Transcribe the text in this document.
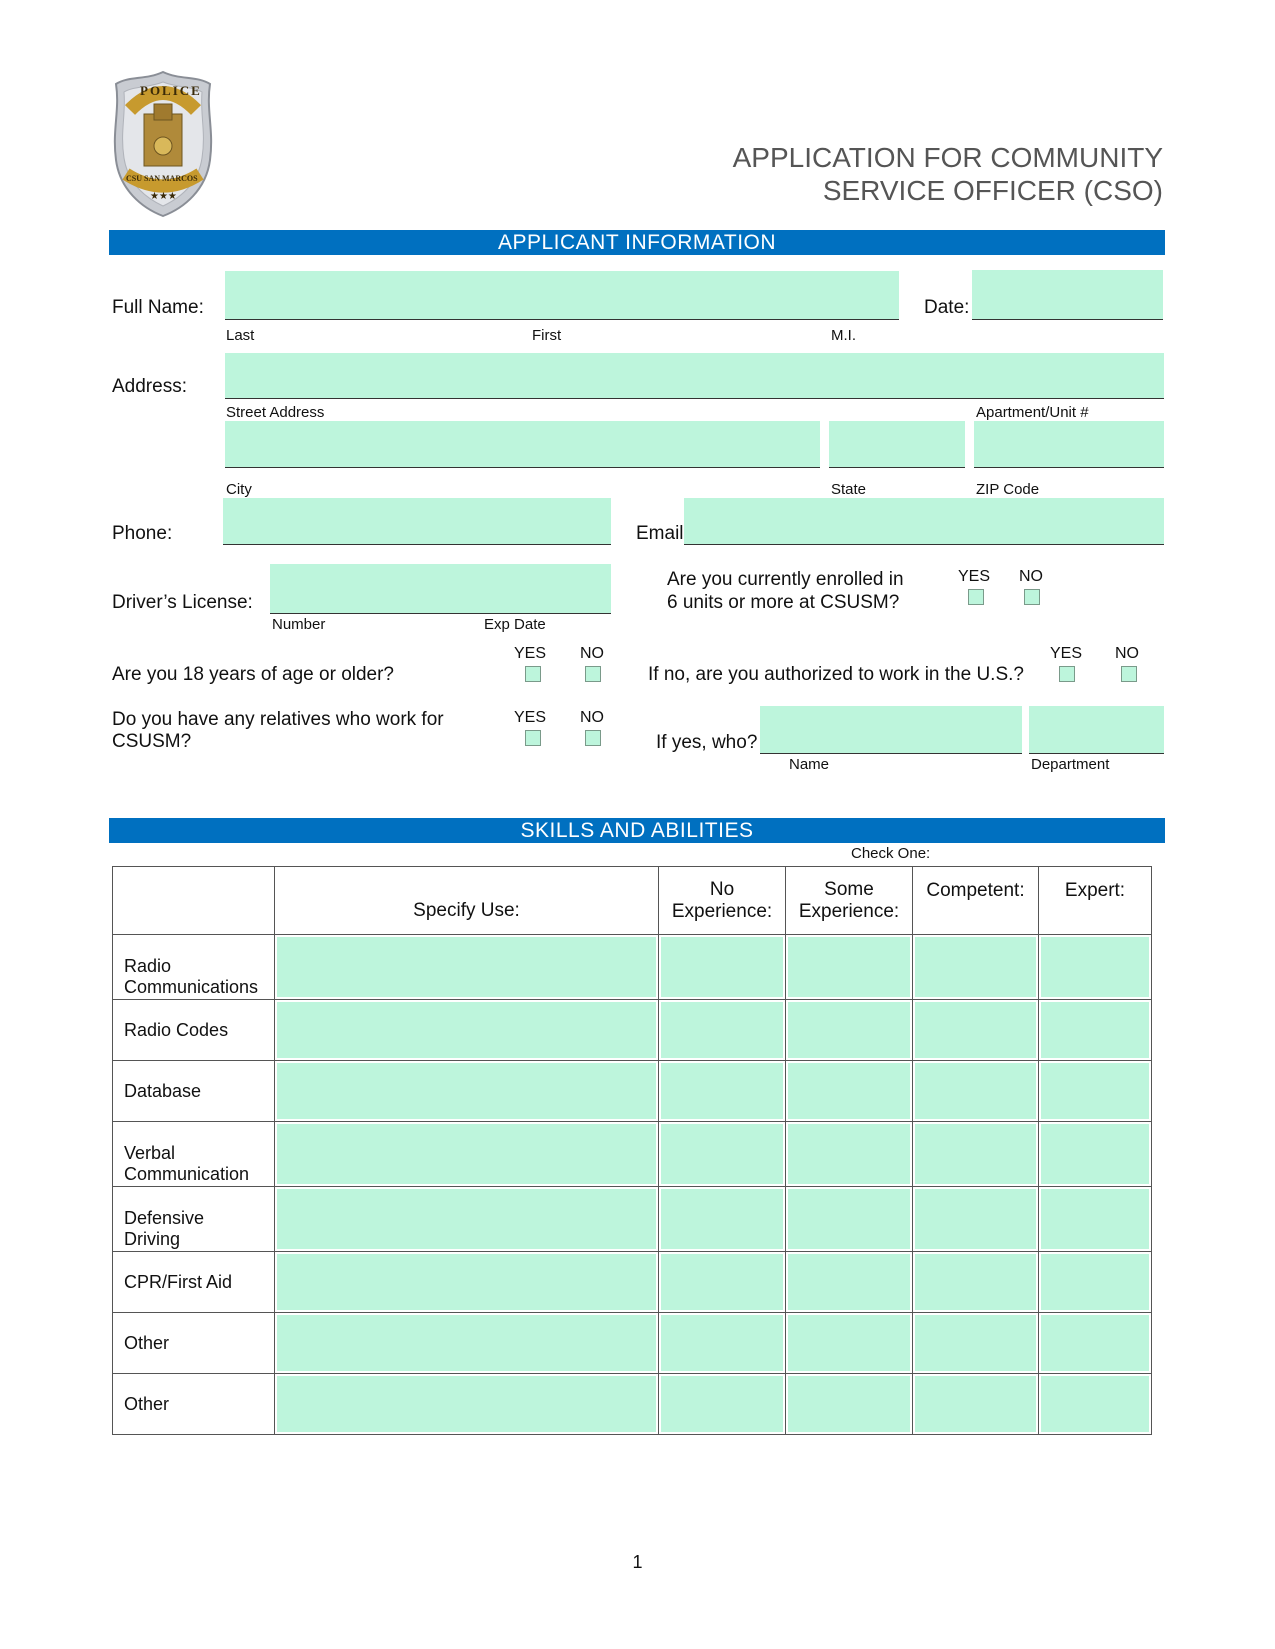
POLICE
CSU SAN MARCOS
★★★
APPLICATION FOR COMMUNITY
SERVICE OFFICER (CSO)
APPLICANT INFORMATION
Full Name:	Date:
Last	First	M.I.
Address:
Street Address	Apartment/Unit #
City	State	ZIP Code
Phone:	Email
Driver’s License:
Number	Exp Date
Are you currently enrolled in
6 units or more at CSUSM?
YES NO
Are you 18 years of age or older?
YES NO
If no, are you authorized to work in the U.S.?
YES NO
Do you have any relatives who work for
CSUSM?
YES NO
If yes, who?
Name	Department
SKILLS AND ABILITIES
Check One:
	Specify Use:	No Experience:	Some Experience:	Competent:	Expert:
Radio Communications	

Radio Codes	

Database	

Verbal Communication	

Defensive Driving	

CPR/First Aid	

Other	

Other	

1
